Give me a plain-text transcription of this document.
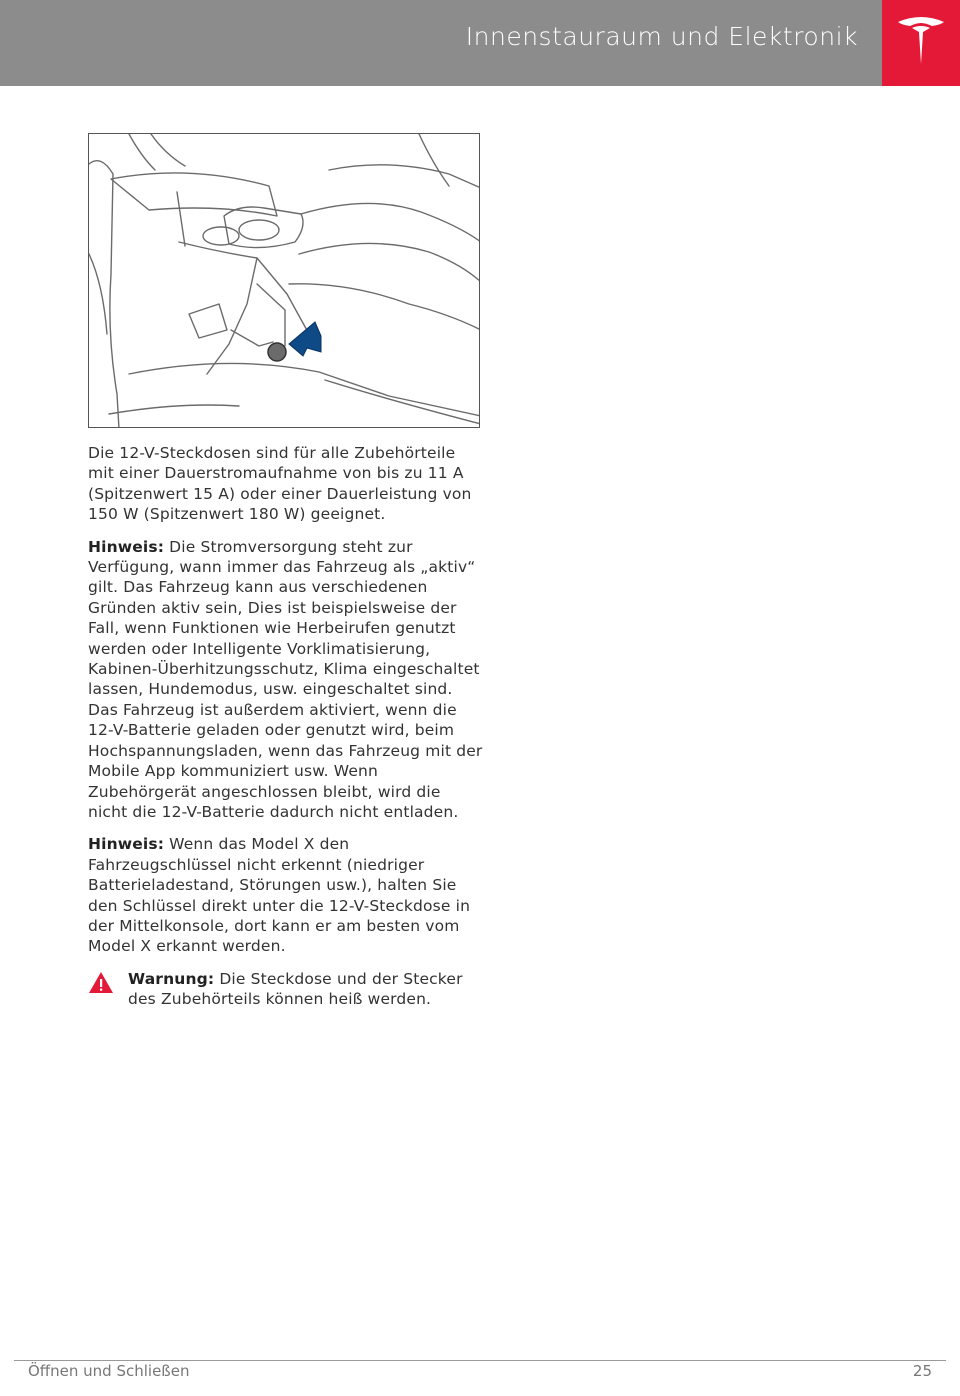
Innenstauraum und Elektronik

Die 12-V-Steckdosen sind für alle Zubehörteile mit einer Dauerstromaufnahme von bis zu 11 A (Spitzenwert 15 A) oder einer Dauerleistung von 150 W (Spitzenwert 180 W) geeignet.

Hinweis: Die Stromversorgung steht zur Verfügung, wann immer das Fahrzeug als „aktiv“ gilt. Das Fahrzeug kann aus verschiedenen Gründen aktiv sein, Dies ist beispielsweise der Fall, wenn Funktionen wie Herbeirufen genutzt werden oder Intelligente Vorklimatisierung, Kabinen-Überhitzungsschutz, Klima eingeschaltet lassen, Hundemodus, usw. eingeschaltet sind. Das Fahrzeug ist außerdem aktiviert, wenn die 12-V-Batterie geladen oder genutzt wird, beim Hochspannungsladen, wenn das Fahrzeug mit der Mobile App kommuniziert usw. Wenn Zubehörgerät angeschlossen bleibt, wird die nicht die 12-V-Batterie dadurch nicht entladen.

Hinweis: Wenn das Model X den Fahrzeugschlüssel nicht erkennt (niedriger Batterieladestand, Störungen usw.), halten Sie den Schlüssel direkt unter die 12-V-Steckdose in der Mittelkonsole, dort kann er am besten vom Model X erkannt werden.

Warnung: Die Steckdose und der Stecker des Zubehörteils können heiß werden.
Öffnen und Schließen	25
